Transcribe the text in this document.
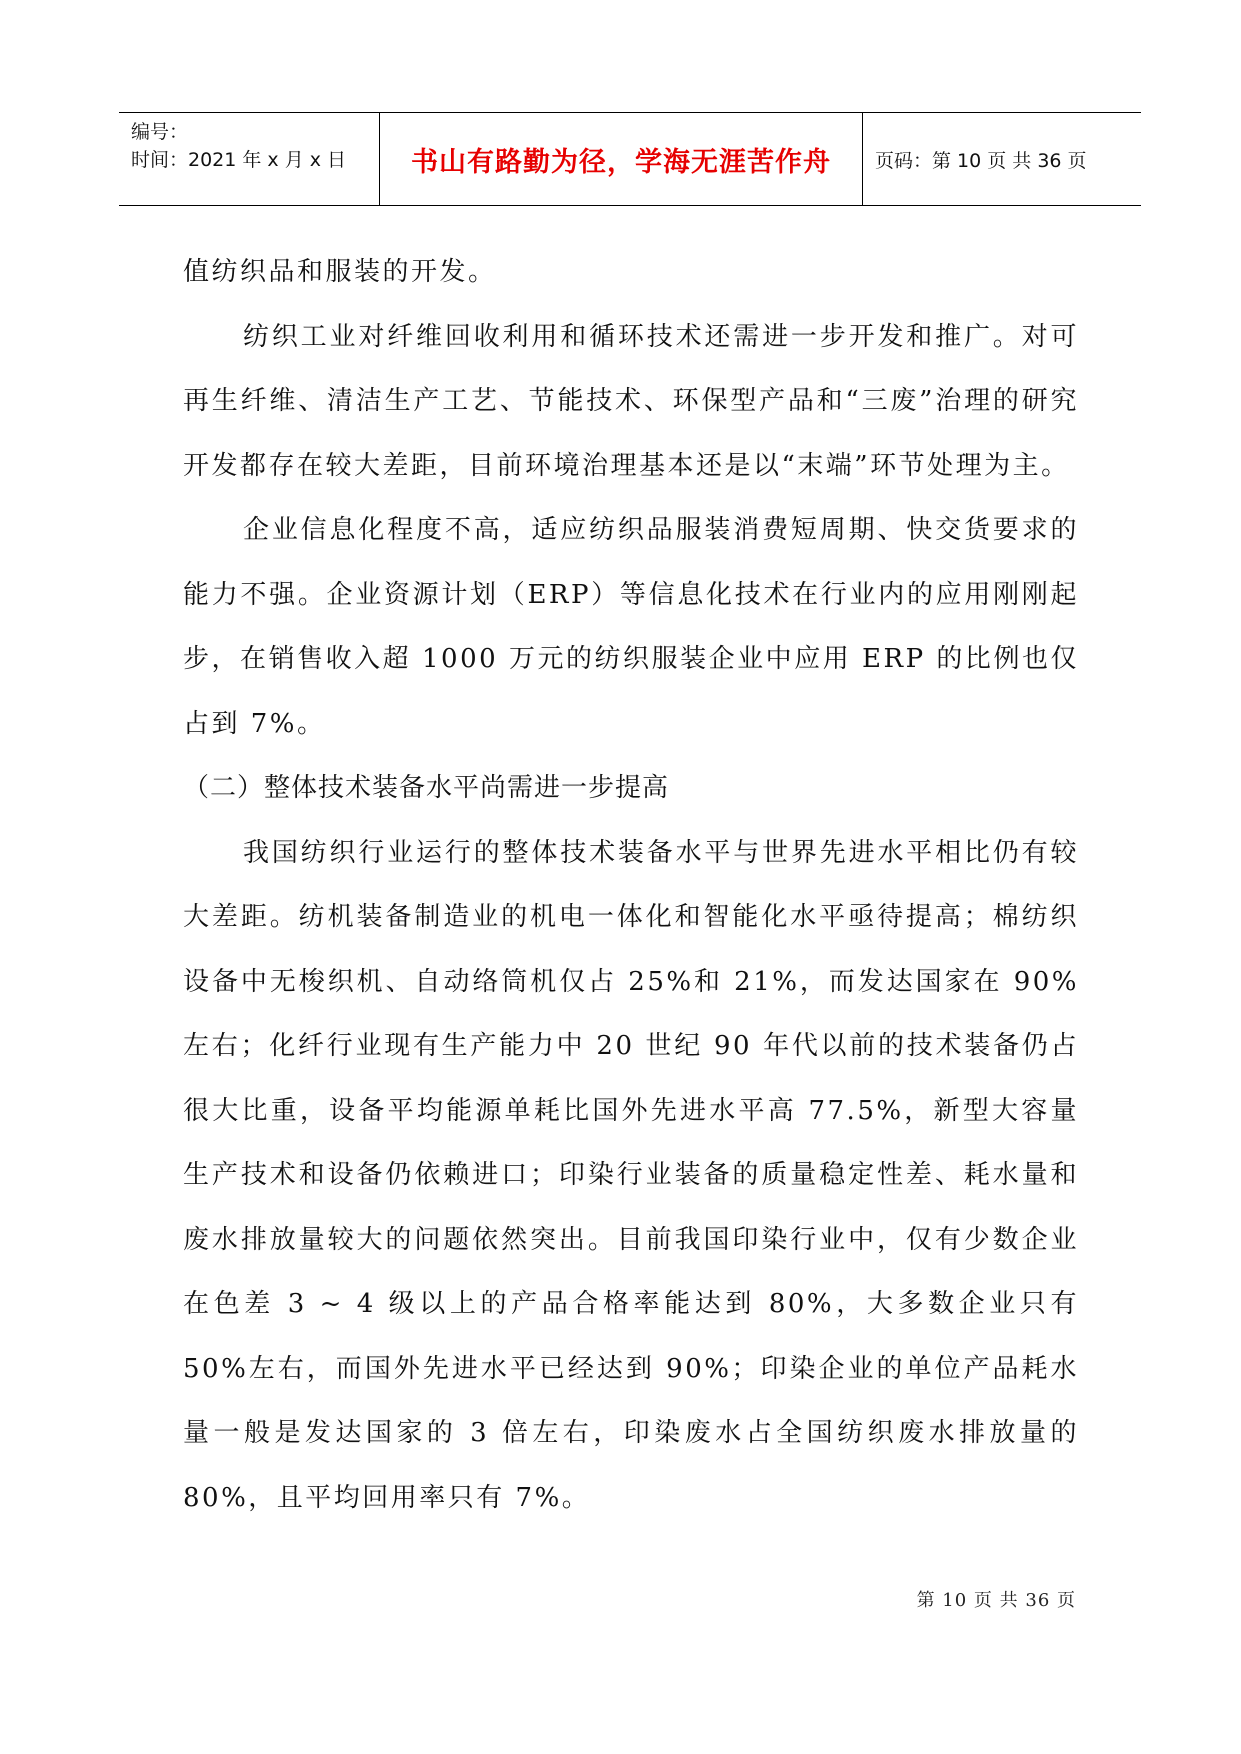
编号：
时间：2021 年 x 月 x 日	书山有路勤为径，学海无涯苦作舟	页码：第 10 页 共 36 页

值纺织品和服装的开发。

纺织工业对纤维回收利用和循环技术还需进一步开发和推广。对可再生纤维、清洁生产工艺、节能技术、环保型产品和“三废”治理的研究开发都存在较大差距，目前环境治理基本还是以“末端”环节处理为主。

企业信息化程度不高，适应纺织品服装消费短周期、快交货要求的能力不强。企业资源计划（ERP）等信息化技术在行业内的应用刚刚起步，在销售收入超 1000 万元的纺织服装企业中应用 ERP 的比例也仅占到 7%。

（二）整体技术装备水平尚需进一步提高

我国纺织行业运行的整体技术装备水平与世界先进水平相比仍有较大差距。纺机装备制造业的机电一体化和智能化水平亟待提高；棉纺织设备中无梭织机、自动络筒机仅占 25%和 21%，而发达国家在 90%左右；化纤行业现有生产能力中 20 世纪 90 年代以前的技术装备仍占很大比重，设备平均能源单耗比国外先进水平高 77.5%，新型大容量生产技术和设备仍依赖进口；印染行业装备的质量稳定性差、耗水量和废水排放量较大的问题依然突出。目前我国印染行业中，仅有少数企业在色差 3 ~ 4 级以上的产品合格率能达到 80%，大多数企业只有 50%左右，而国外先进水平已经达到 90%；印染企业的单位产品耗水量一般是发达国家的 3 倍左右，印染废水占全国纺织废水排放量的 80%，且平均回用率只有 7%。

第 10 页 共 36 页
